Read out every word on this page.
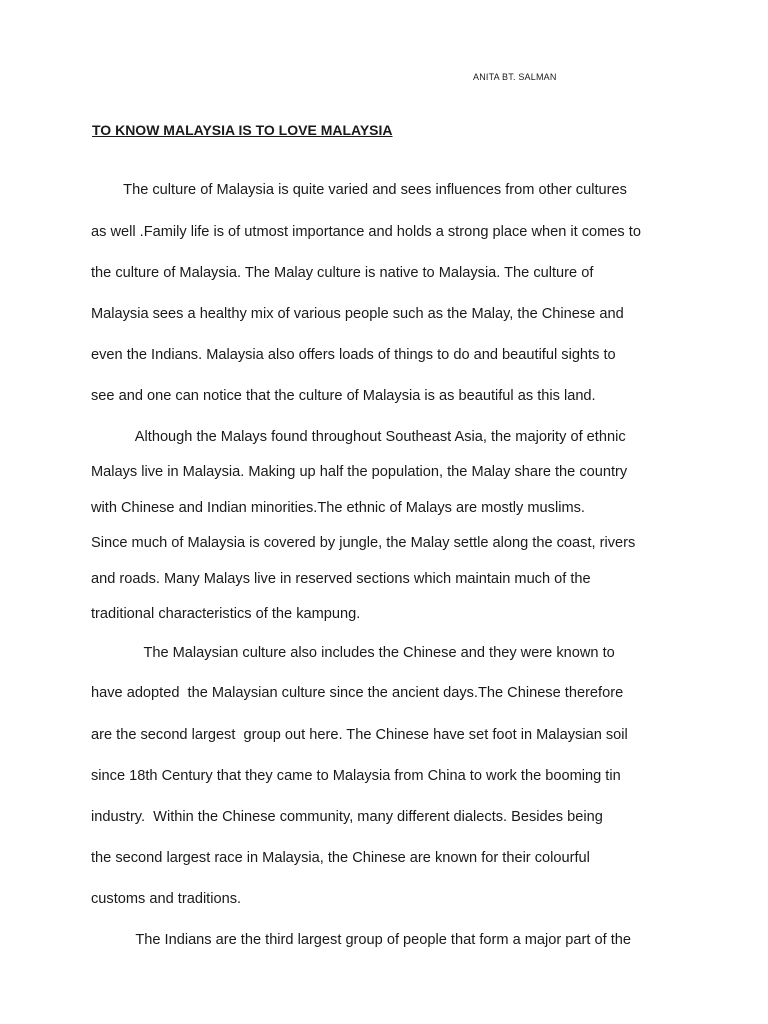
ANITA BT. SALMAN
TO KNOW MALAYSIA IS TO LOVE MALAYSIA
The culture of Malaysia is quite varied and sees influences from other cultures
as well .Family life is of utmost importance and holds a strong place when it comes to
the culture of Malaysia. The Malay culture is native to Malaysia. The culture of
Malaysia sees a healthy mix of various people such as the Malay, the Chinese and
even the Indians. Malaysia also offers loads of things to do and beautiful sights to
see and one can notice that the culture of Malaysia is as beautiful as this land.
Although the Malays found throughout Southeast Asia, the majority of ethnic
Malays live in Malaysia. Making up half the population, the Malay share the country
with Chinese and Indian minorities.The ethnic of Malays are mostly muslims.
Since much of Malaysia is covered by jungle, the Malay settle along the coast, rivers
and roads. Many Malays live in reserved sections which maintain much of the
traditional characteristics of the kampung.
The Malaysian culture also includes the Chinese and they were known to
have adopted  the Malaysian culture since the ancient days.The Chinese therefore
are the second largest  group out here. The Chinese have set foot in Malaysian soil
since 18th Century that they came to Malaysia from China to work the booming tin
industry.  Within the Chinese community, many different dialects. Besides being
the second largest race in Malaysia, the Chinese are known for their colourful
customs and traditions.
The Indians are the third largest group of people that form a major part of the
